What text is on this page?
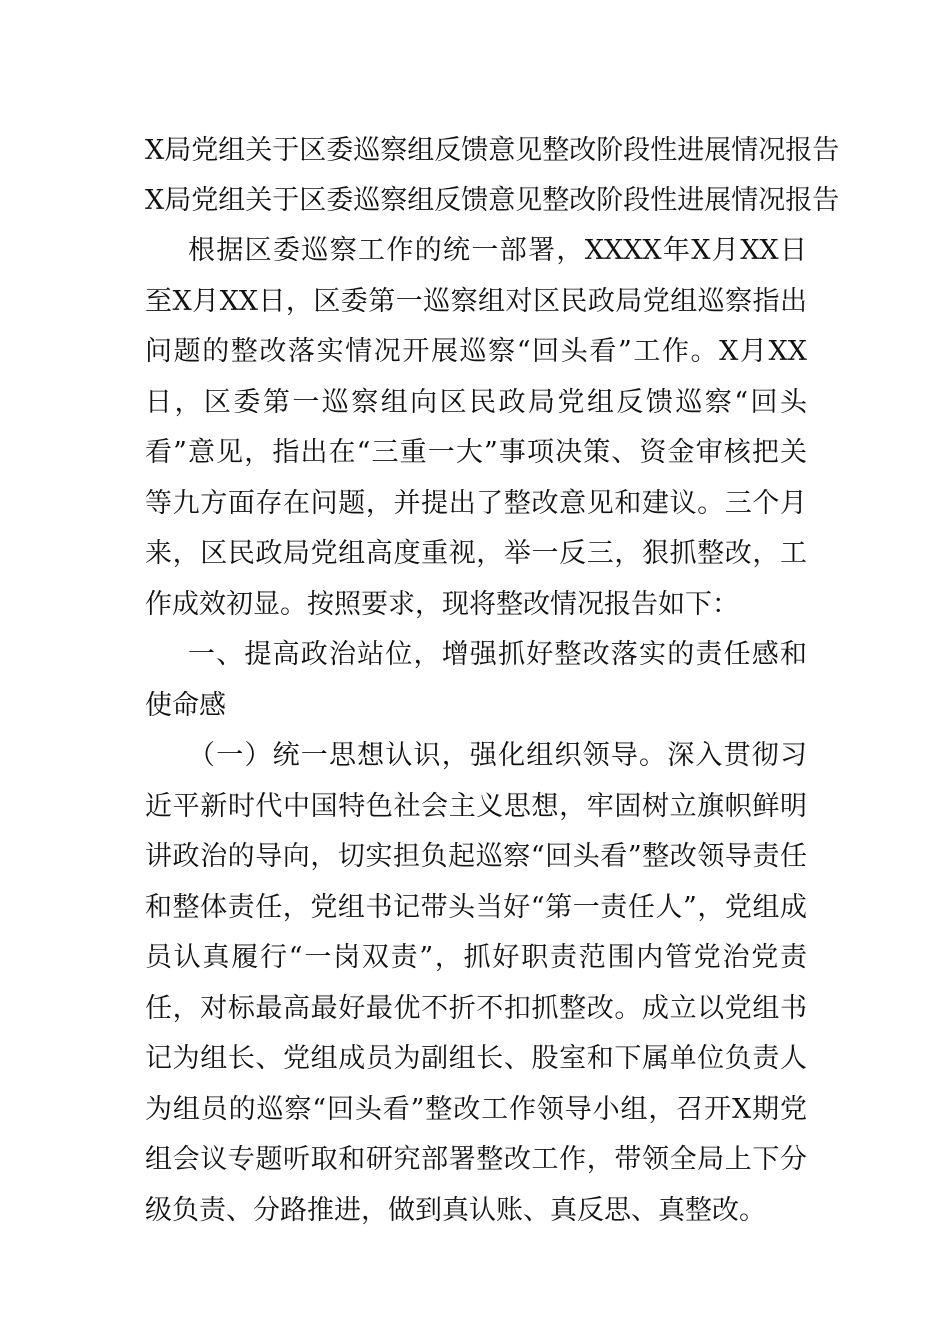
X局党组关于区委巡察组反馈意见整改阶段性进展情况报告
X局党组关于区委巡察组反馈意见整改阶段性进展情况报告

根据区委巡察工作的统一部署，XXXX年X月XX日至X月XX日，区委第一巡察组对区民政局党组巡察指出问题的整改落实情况开展巡察“回头看”工作。X月XX日，区委第一巡察组向区民政局党组反馈巡察“回头看”意见，指出在“三重一大”事项决策、资金审核把关等九方面存在问题，并提出了整改意见和建议。三个月来，区民政局党组高度重视，举一反三，狠抓整改，工作成效初显。按照要求，现将整改情况报告如下：

一、提高政治站位，增强抓好整改落实的责任感和使命感

（一）统一思想认识，强化组织领导。深入贯彻习近平新时代中国特色社会主义思想，牢固树立旗帜鲜明讲政治的导向，切实担负起巡察“回头看”整改领导责任和整体责任，党组书记带头当好“第一责任人”，党组成员认真履行“一岗双责”，抓好职责范围内管党治党责任，对标最高最好最优不折不扣抓整改。成立以党组书记为组长、党组成员为副组长、股室和下属单位负责人为组员的巡察“回头看”整改工作领导小组，召开X期党组会议专题听取和研究部署整改工作，带领全局上下分级负责、分路推进，做到真认账、真反思、真整改。
